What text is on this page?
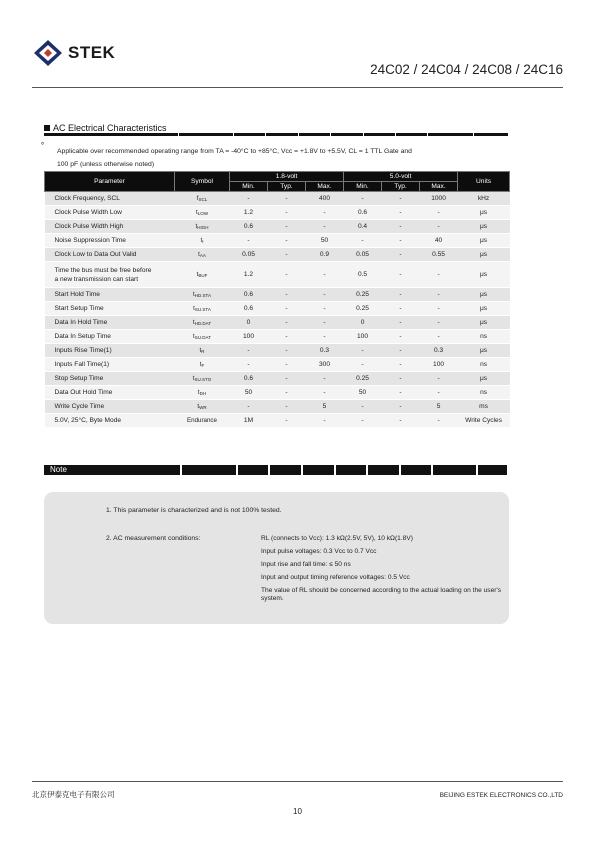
STEK
24C02 / 24C04 / 24C08 / 24C16
AC Electrical Characteristics
°
Applicable over recommended operating range from TA = -40°C to +85°C, Vcc = +1.8V to +5.5V, CL = 1 TTL Gate and
100 pF (unless otherwise noted)
Parameter	Symbol	1.8-volt			5.0-volt			Units
		Min.	Typ.	Max.	Min.	Typ.	Max.	

Clock Frequency, SCL	$f_{SCL}$	-	-	400	-	-	1000	kHz

Clock Pulse Width Low	$t_{LOW}$	1.2	-	-	0.6	-	-	μs

Clock Pulse Width High	$t_{HIGH}$	0.6	-	-	0.4	-	-	μs

Noise Suppression Time	$t_I$	-	-	50	-	-	40	μs

Clock Low to Data Out Valid	$t_{AA}$	0.05	-	0.9	0.05	-	0.55	μs

Time the bus must be free before
a new transmission can start	$t_{BUF}$	1.2	-	-	0.5	-	-	μs

Start Hold Time	$t_{HD.STA}$	0.6	-	-	0.25	-	-	μs

Start Setup Time	$t_{SU.STA}$	0.6	-	-	0.25	-	-	μs

Data In Hold Time	$t_{HD.DAT}$	0	-	-	0	-	-	μs

Data In Setup Time	$t_{SU.DAT}$	100	-	-	100	-	-	ns

Inputs Rise Time(1)	$t_R$	-	-	0.3	-	-	0.3	μs

Inputs Fall Time(1)	$t_F$	-	-	300	-	-	100	ns

Stop Setup Time	$t_{SU.STO}$	0.6	-	-	0.25	-	-	μs

Data Out Hold Time	$t_{DH}$	50	-	-	50	-	-	ns

Write Cycle Time	$t_{WR}$	-	-	5	-	-	5	ms

5.0V, 25°C, Byte Mode	Endurance	1M	-	-	-	-	-	Write Cycles
Note
1. This parameter is characterized and is not 100% tested.
2. AC measurement conditions:	RL (connects to Vcc): 1.3 kΩ(2.5V, 5V), 10 kΩ(1.8V)
Input pulse voltages: 0.3 Vcc to 0.7 Vcc
Input rise and fall time: ≤ 50 ns
Input and output timing reference voltages: 0.5 Vcc
The value of RL should be concerned according to the actual loading on the user's system.
北京伊泰克电子有限公司	BEIJING ESTEK ELECTRONICS CO.,LTD
10
